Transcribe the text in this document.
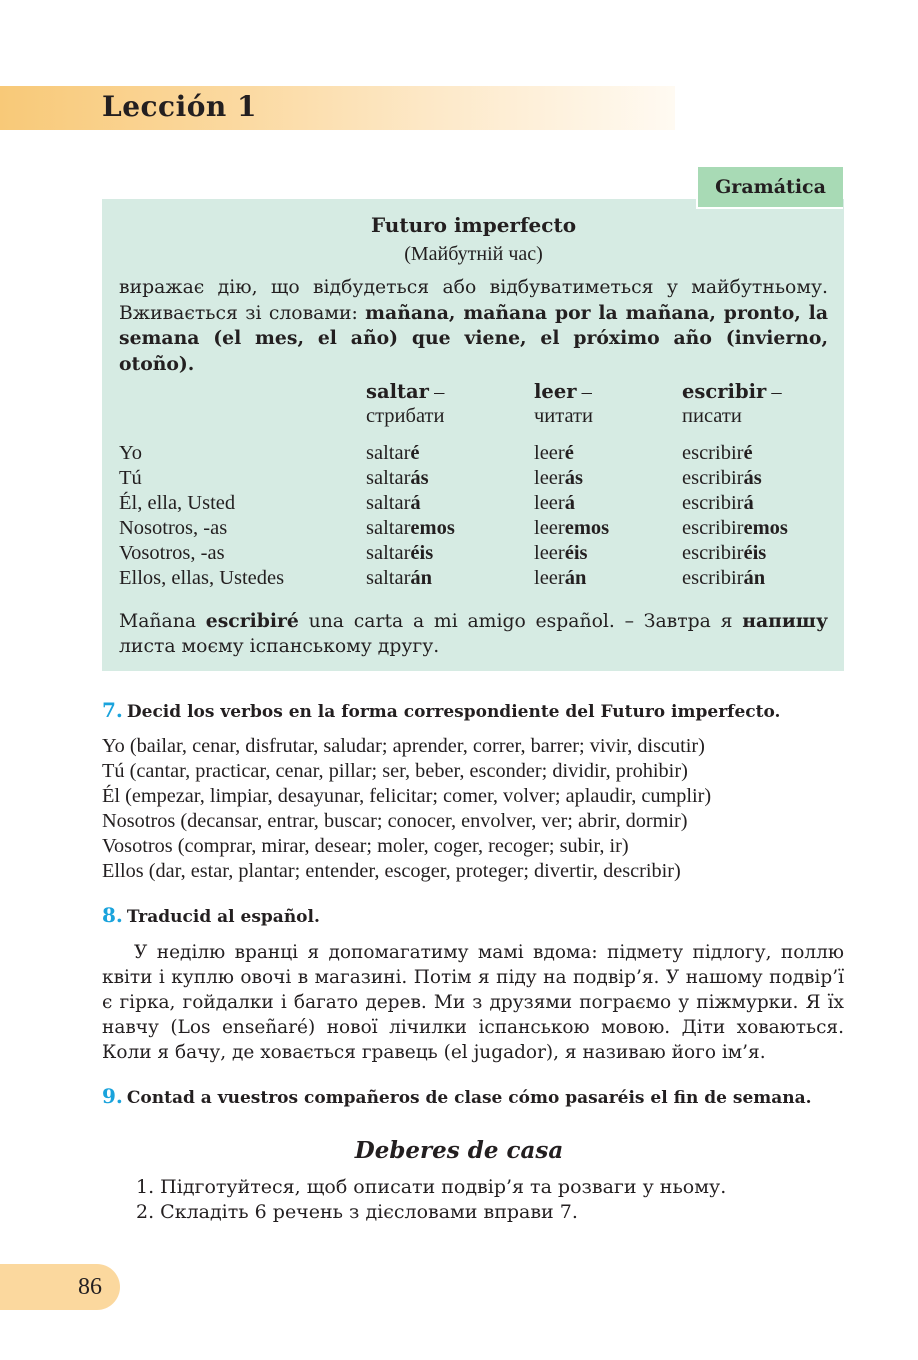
Lección 1
Futuro imperfecto
(Майбутній час)
виражає дію, що відбудеться або відбуватиметься у майбутньому. Вживається зі словами: mañana, mañana por la mañana, pronto, la semana (el mes, el año) que viene, el próximo año (invierno, otoño).
saltar –	leer –	escribir –
стрибати	читати	писати
Yo	saltaré	leeré	escribiré
Tú	saltarás	leerás	escribirás
Él, ella, Usted	saltará	leerá	escribirá
Nosotros, -as	saltaremos	leeremos	escribiremos
Vosotros, -as	saltaréis	leeréis	escribiréis
Ellos, ellas, Ustedes	saltarán	leerán	escribirán
Mañana escribiré una carta a mi amigo español. – Завтра я напишу листа моєму іспанському другу.
Gramática
7. Decid los verbos en la forma correspondiente del Futuro imperfecto.
Yo (bailar, cenar, disfrutar, saludar; aprender, correr, barrer; vivir, discutir)
Tú (cantar, practicar, cenar, pillar; ser, beber, esconder; dividir, prohibir)
Él (empezar, limpiar, desayunar, felicitar; comer, volver; aplaudir, cumplir)
Nosotros (decansar, entrar, buscar; conocer, envolver, ver; abrir, dormir)
Vosotros (comprar, mirar, desear; moler, coger, recoger; subir, ir)
Ellos (dar, estar, plantar; entender, escoger, proteger; divertir, describir)
8. Traducid al español.
У неділю вранці я допомагатиму мамі вдома: підмету підлогу, поллю квіти і куплю овочі в магазині. Потім я піду на подвір’я. У нашому подвір’ї є гірка, гойдалки і багато дерев. Ми з друзями пограємо у піжмурки. Я їх навчу (Los enseñaré) нової лічилки іспанською мовою. Діти ховаються. Коли я бачу, де ховається гравець (el jugador), я називаю його ім’я.
9. Contad a vuestros compañeros de clase cómo pasaréis el fin de semana.
Deberes de casa
1. Підготуйтеся, щоб описати подвір’я та розваги у ньому.
2. Складіть 6 речень з дієсловами вправи 7.
86
